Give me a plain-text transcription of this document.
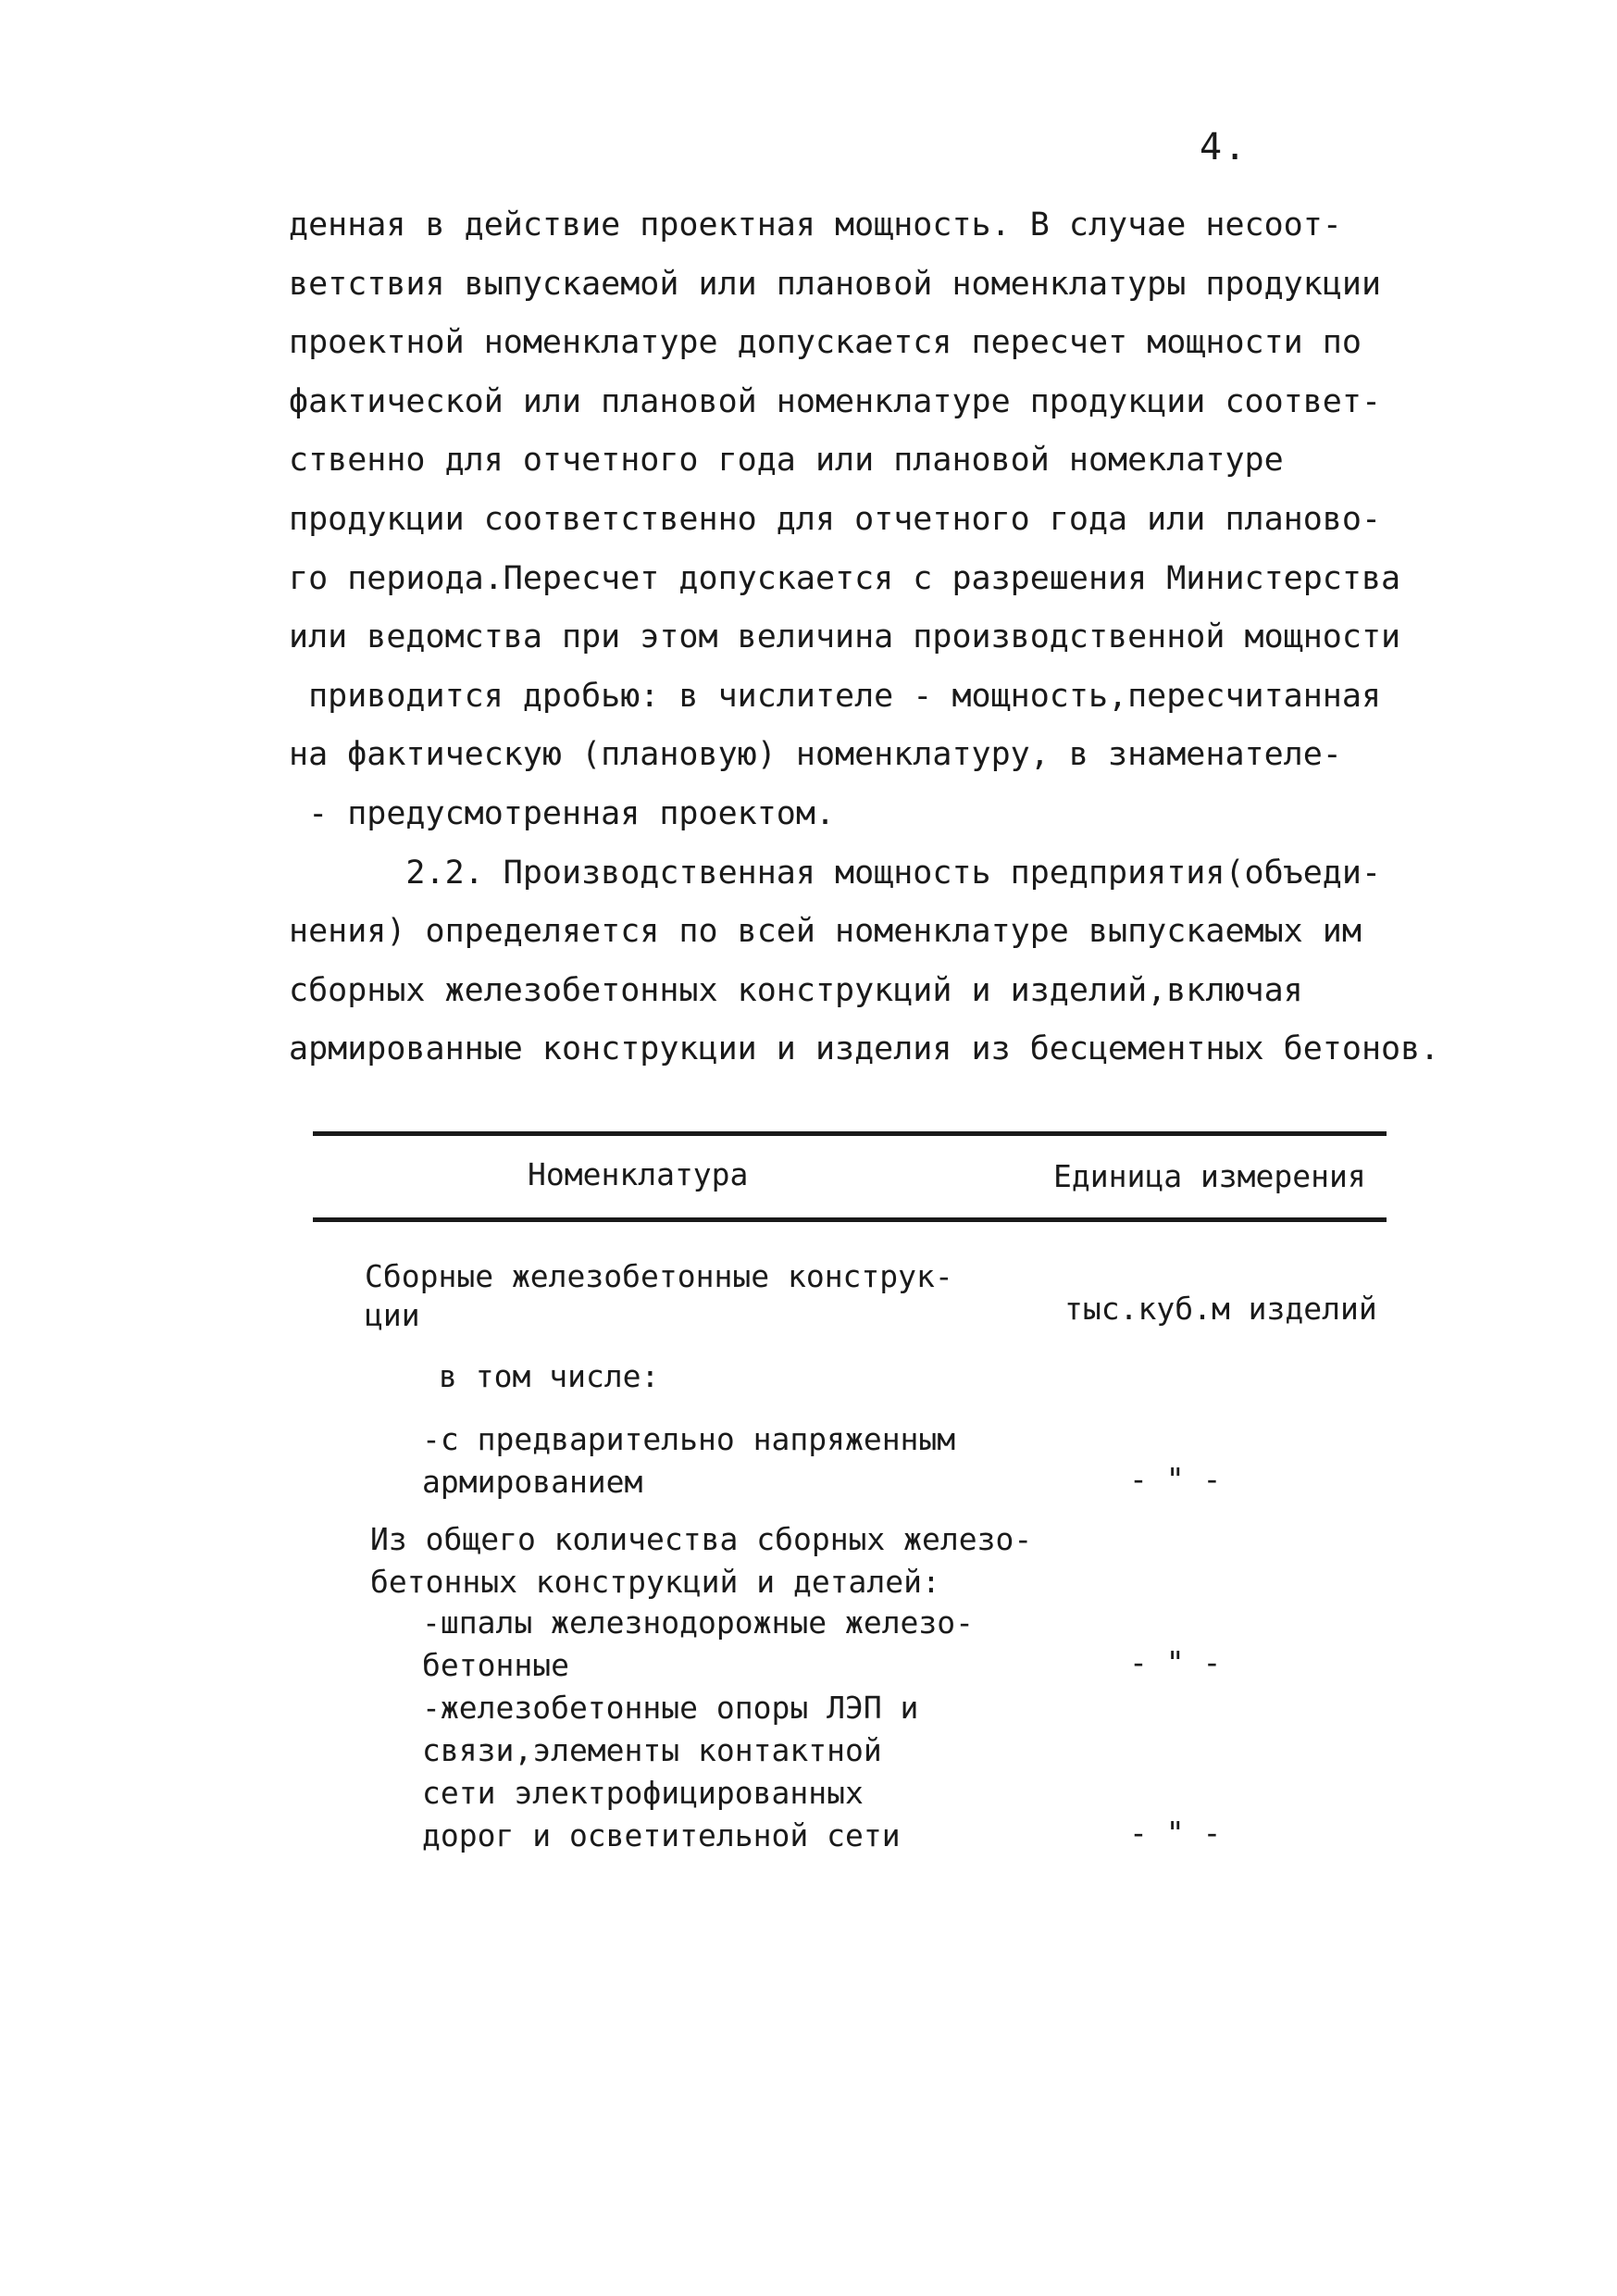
4.
денная в действие проектная мощность. В случае несоот-
ветствия выпускаемой или плановой номенклатуры продукции
проектной номенклатуре допускается пересчет мощности по
фактической или плановой номенклатуре продукции соответ-
ственно для отчетного года или плановой номеклатуре
продукции соответственно для отчетного года или планово-
го периода.Пересчет допускается с разрешения Министерства
или ведомства при этом величина производственной мощности
приводится дробью: в числителе - мощность,пересчитанная
на фактическую (плановую) номенклатуру, в знаменателе-
- предусмотренная проектом.
2.2. Производственная мощность предприятия(объеди-
нения) определяется по всей номенклатуре выпускаемых им
сборных железобетонных конструкций и изделий,включая
армированные конструкции и изделия из бесцементных бетонов.
Номенклатура	Единица измерения
Сборные железобетонные конструк-
ции	тыс.куб.м изделий
в том числе:
-с предварительно напряженным
армированием	- " -
Из общего количества сборных железо-
бетонных конструкций и деталей:
-шпалы железнодорожные железо-
бетонные	- " -
-железобетонные опоры ЛЭП и
связи,элементы контактной
сети электрофицированных
дорог и осветительной сети	- " -
